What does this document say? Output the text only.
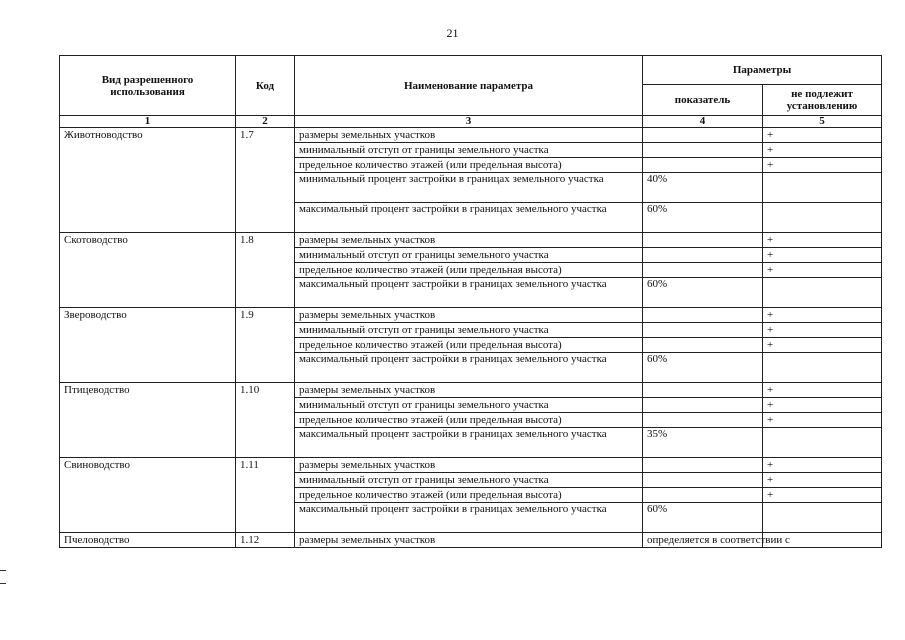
21
Вид разрешенного использования	Код	Наименование параметра	Параметры	
			показатель	не подлежит установлению
1	2	3	4	5
Животноводство	1.7	размеры земельных участков		+
		минимальный отступ от границы земельного участка		+
		предельное количество этажей (или предельная высота)		+
		минимальный процент застройки в границах земельного участка	40%	
		максимальный процент застройки в границах земельного участка	60%	
Скотоводство	1.8	размеры земельных участков		+
		минимальный отступ от границы земельного участка		+
		предельное количество этажей (или предельная высота)		+
		максимальный процент застройки в границах земельного участка	60%	
Звероводство	1.9	размеры земельных участков		+
		минимальный отступ от границы земельного участка		+
		предельное количество этажей (или предельная высота)		+
		максимальный процент застройки в границах земельного участка	60%	
Птицеводство	1.10	размеры земельных участков		+
		минимальный отступ от границы земельного участка		+
		предельное количество этажей (или предельная высота)		+
		максимальный процент застройки в границах земельного участка	35%	
Свиноводство	1.11	размеры земельных участков		+
		минимальный отступ от границы земельного участка		+
		предельное количество этажей (или предельная высота)		+
		максимальный процент застройки в границах земельного участка	60%	
Пчеловодство	1.12	размеры земельных участков	определяется в соответствии с	
